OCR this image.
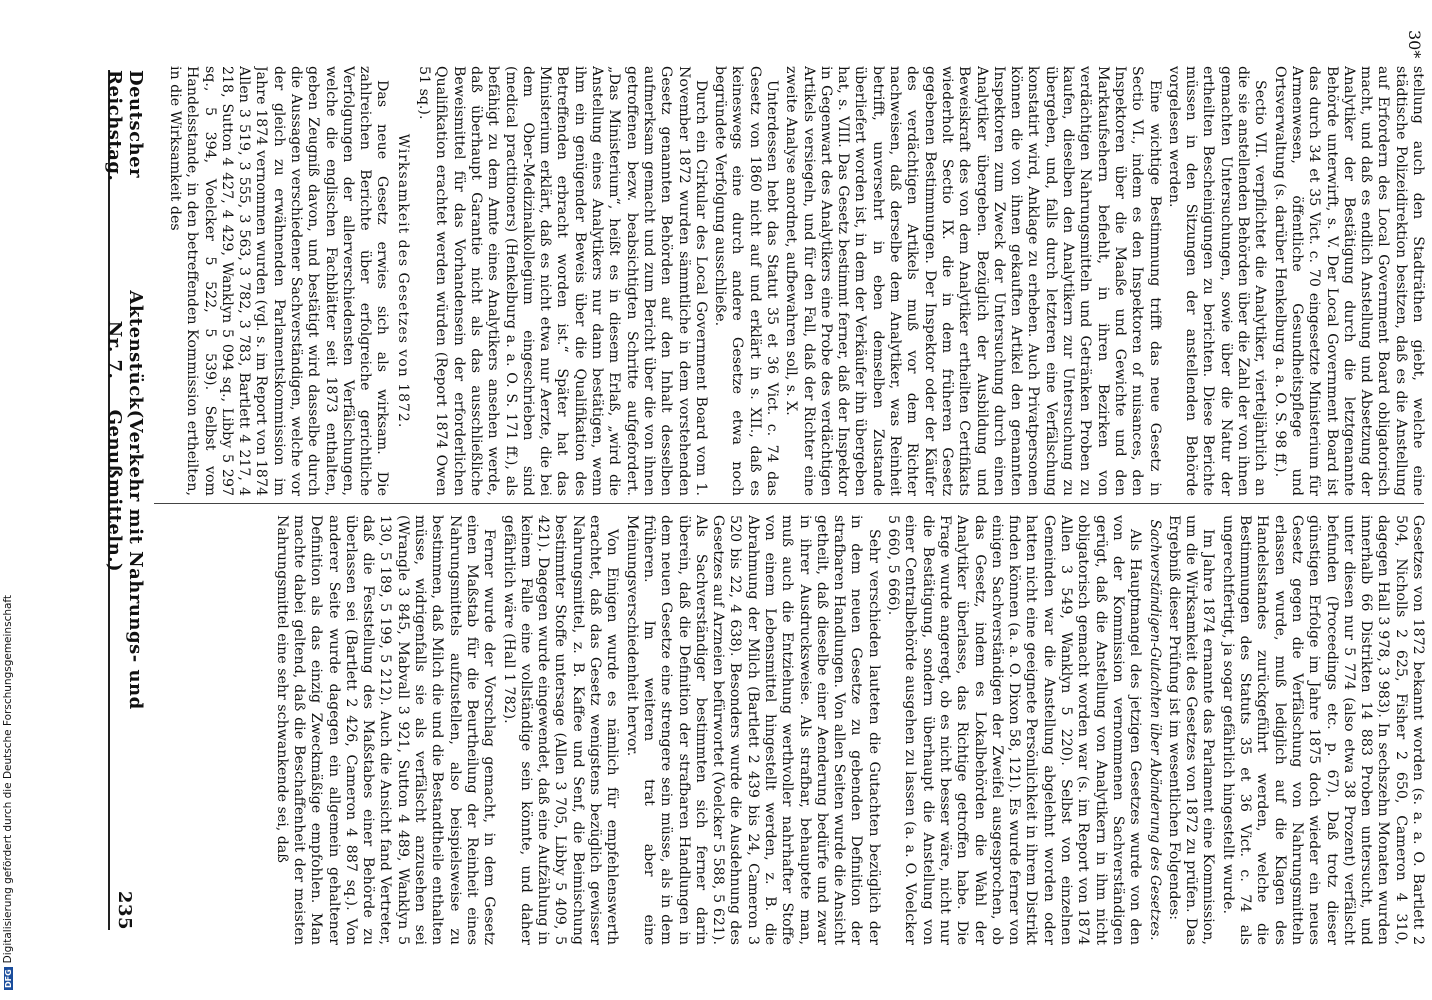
Gesetzes von 1872 bekannt worden (s. a. a. O. Bartlett 2 504, Nicholls 2 625, Fisher 2 650, Cameron 4 310, dagegen Hall 3 978, 3 983). In sechszehn Monaten wurden innerhalb 66 Distrikten 14 883 Proben untersucht, und unter diesen nur 5 774 (also etwa 38 Prozent) verfälscht befunden (Proceedings etc. p. 67). Daß trotz dieser günstigen Erfolge im Jahre 1875 doch wieder ein neues Gesetz gegen die Verfälschung von Nahrungsmitteln erlassen wurde, muß lediglich auf die Klagen des Handelsstandes zurückgeführt werden, welche die Bestimmungen des Statuts 35 et 36 Vict. c. 74 als ungerechtfertigt, ja sogar gefährlich hingestellt wurde.

Im Jahre 1874 ernannte das Parlament eine Kommission, um die Wirksamkeit des Gesetzes von 1872 zu prüfen. Das Ergebniß dieser Prüfung ist im wesentlichen Folgendes:

Sachverständigen-Gutachten über Abänderung des Gesetzes.

Als Hauptmangel des jetzigen Gesetzes wurde von den von der Kommission vernommenen Sachverständigen gerügt, daß die Anstellung von Analytikern in ihm nicht obligatorisch gemacht worden war (s. im Report von 1874 Allen 3 549, Wanklyn 5 220). Selbst von einzelnen Gemeinden war die Anstellung abgelehnt worden oder hatten nicht eine geeignete Persönlichkeit in ihrem Distrikt finden können (a. a. O. Dixon 58, 121). Es wurde ferner von einigen Sachverständigen der Zweifel ausgesprochen, ob das Gesetz, indem es Lokalbehörden die Wahl der Analytiker überlasse, das Richtige getroffen habe. Die Frage wurde angeregt, ob es nicht besser wäre, nicht nur die Bestätigung, sondern überhaupt die Anstellung von einer Centralbehörde ausgehen zu lassen (a. a. O. Voelcker 5 660, 5 666).

Sehr verschieden lauteten die Gutachten bezüglich der in dem neuen Gesetze zu gebenden Definition der strafbaren Handlungen. Von allen Seiten wurde die Ansicht getheilt, daß dieselbe einer Aenderung bedürfe und zwar in ihrer Ausdrucksweise. Als strafbar, behauptete man, muß auch die Entziehung werthvoller nahrhafter Stoffe von einem Lebensmittel hingestellt werden, z. B. die Abrahmung der Milch (Bartlett 2 439 bis 24, Cameron 3 520 bis 22, 4 638). Besonders wurde die Ausdehnung des Gesetzes auf Arzneien befürwortet (Voelcker 5 588, 5 621). Als Sachverständiger bestimmten sich ferner darin überein, daß die Definition der strafbaren Handlungen in dem neuen Gesetze eine strengere sein müsse, als in dem früheren. Im weiteren trat aber eine Meinungsverschiedenheit hervor.

Von Einigen wurde es nämlich für empfehlenswerth erachtet, daß das Gesetz wenigstens bezüglich gewisser Nahrungsmittel, z. B. Kaffee und Senf, die Beimischung bestimmter Stoffe untersage (Allen 3 705, Libby 5 409, 5 421). Dagegen wurde eingewendet, daß eine Aufzählung in keinem Falle eine vollständige sein könnte, und daher gefährlich wäre (Hall 1 782).

Ferner wurde der Vorschlag gemacht, in dem Gesetz einen Maßstab für die Beurtheilung der Reinheit eines Nahrungsmittels aufzustellen, also beispielsweise zu bestimmen, daß Milch die und die Bestandtheile enthalten müsse, widrigenfalls sie als verfälscht anzusehen sei (Wrangle 3 845, Mabvall 3 921, Sutton 4 489, Wanklyn 5 130, 5 189, 5 199, 5 212). Auch die Ansicht fand Vertreter, daß die Feststellung des Maßstabes einer Behörde zu überlassen sei (Bartlett 2 426, Cameron 4 887 sq.). Von anderer Seite wurde dagegen ein allgemein gehaltener Definition als das einzig Zweckmäßige empfohlen. Man machte dabei geltend, daß die Beschaffenheit der meisten Nahrungsmittel eine sehr schwankende sei, daß

stellung auch den Stadträthen giebt, welche eine städtische Polizeidirektion besitzen, daß es die Anstellung auf Erfordern des Local Government Board obligatorisch macht, und daß es endlich Anstellung und Absetzung der Analytiker der Bestätigung durch die letztgenannte Behörde unterwirft, s. V. Der Local Government Board ist das durch 34 et 35 Vict. c. 70 eingesetzte Ministerium für Armenwesen, öffentliche Gesundheitspflege und Ortsverwaltung (s. darüber Henkelburg a. a. O. S. 98 ff.).

Sectio VII. verpflichtet die Analytiker, vierteljährlich an die sie anstellenden Behörden über die Zahl der von ihnen gemachten Untersuchungen, sowie über die Natur der ertheilten Bescheinigungen zu berichten. Diese Berichte müssen in den Sitzungen der anstellenden Behörde vorgelesen werden.

Eine wichtige Bestimmung trifft das neue Gesetz in Sectio VI., indem es den Inspektoren of nuisances, den Inspektoren über die Maaße und Gewichte und den Marktaufsehern befiehlt, in ihren Bezirken von verdächtigen Nahrungsmitteln und Getränken Proben zu kaufen, dieselben den Analytikern zur Untersuchung zu übergeben, und, falls durch letzteren eine Verfälschung konstatirt wird, Anklage zu erheben. Auch Privatpersonen können die von ihnen gekauften Artikel den genannten Inspektoren zum Zweck der Untersuchung durch einen Analytiker übergeben. Bezüglich der Ausbildung und Beweiskraft des von dem Analytiker ertheilten Certifikats wiederholt Sectio IX. die in dem früheren Gesetz gegebenen Bestimmungen. Der Inspektor oder der Käufer des verdächtigen Artikels muß vor dem Richter nachweisen, daß derselbe dem Analytiker, was Reinheit betrifft, unversehrt in eben demselben Zustande überliefert worden ist, in dem der Verkäufer ihn übergeben hat, s. VIII. Das Gesetz bestimmt ferner, daß der Inspektor in Gegenwart des Analytikers eine Probe des verdächtigen Artikels versiegeln, und für den Fall, daß der Richter eine zweite Analyse anordnet, aufbewahren soll, s. X.

Unterdessen hebt das Statut 35 et 36 Vict. c. 74 das Gesetz von 1860 nicht auf und erklärt in s. XII., daß es keineswegs eine durch andere Gesetze etwa noch begründete Verfolgung ausschließe.

Durch ein Cirkular des Local Government Board vom 1. November 1872 wurden sämmtliche in dem vorstehenden Gesetz genannten Behörden auf den Inhalt desselben aufmerksam gemacht und zum Bericht über die von ihnen getroffenen bezw. beabsichtigten Schritte aufgefordert. „Das Ministerium“, heißt es in diesem Erlaß, „wird die Anstellung eines Analytikers nur dann bestätigen, wenn ihm ein genügender Beweis über die Qualifikation des Betreffenden erbracht worden ist.“ Später hat das Ministerium erklärt, daß es nicht etwa nur Aerzte, die bei dem Ober-Medizinalkollegium eingeschrieben sind (medical practitioners) (Henkelburg a. a. O. S. 171 ff.), als befähigt zu dem Amte eines Analytikers ansehen werde, daß überhaupt Garantie nicht als das ausschließliche Beweismittel für das Vorhandensein der erforderlichen Qualifikation erachtet werden würden (Report 1874 Owen 51 sq.).

Wirksamkeit des Gesetzes von 1872.

Das neue Gesetz erwies sich als wirksam. Die zahlreichen Berichte über erfolgreiche gerichtliche Verfolgungen der allerverschiedensten Verfälschungen, welche die englischen Fachblätter seit 1873 enthalten, geben Zeugniß davon, und bestätigt wird dasselbe durch die Aussagen verschiedener Sachverständigen, welche vor der gleich zu erwähnenden Parlamentskommission im Jahre 1874 vernommen wurden (vgl. s. im Report von 1874 Allen 3 519, 3 555, 3 563, 3 782, 3 783, Bartlett 4 217, 4 218, Sutton 4 427, 4 429, Wanklyn 5 094 sq., Libby 5 297 sq., 5 394, Voelcker 5 522, 5 539). Selbst vom Handelsstande, in den betreffenden Kommission ertheilten, in die Wirksamkeit des

Deutscher Reichstag.
Aktenstück Nr. 7.
(Verkehr mit Nahrungs- und Genußmitteln.)
235
30*
DFGDigitalisierung gefördert durch die Deutsche Forschungsgemeinschaft
